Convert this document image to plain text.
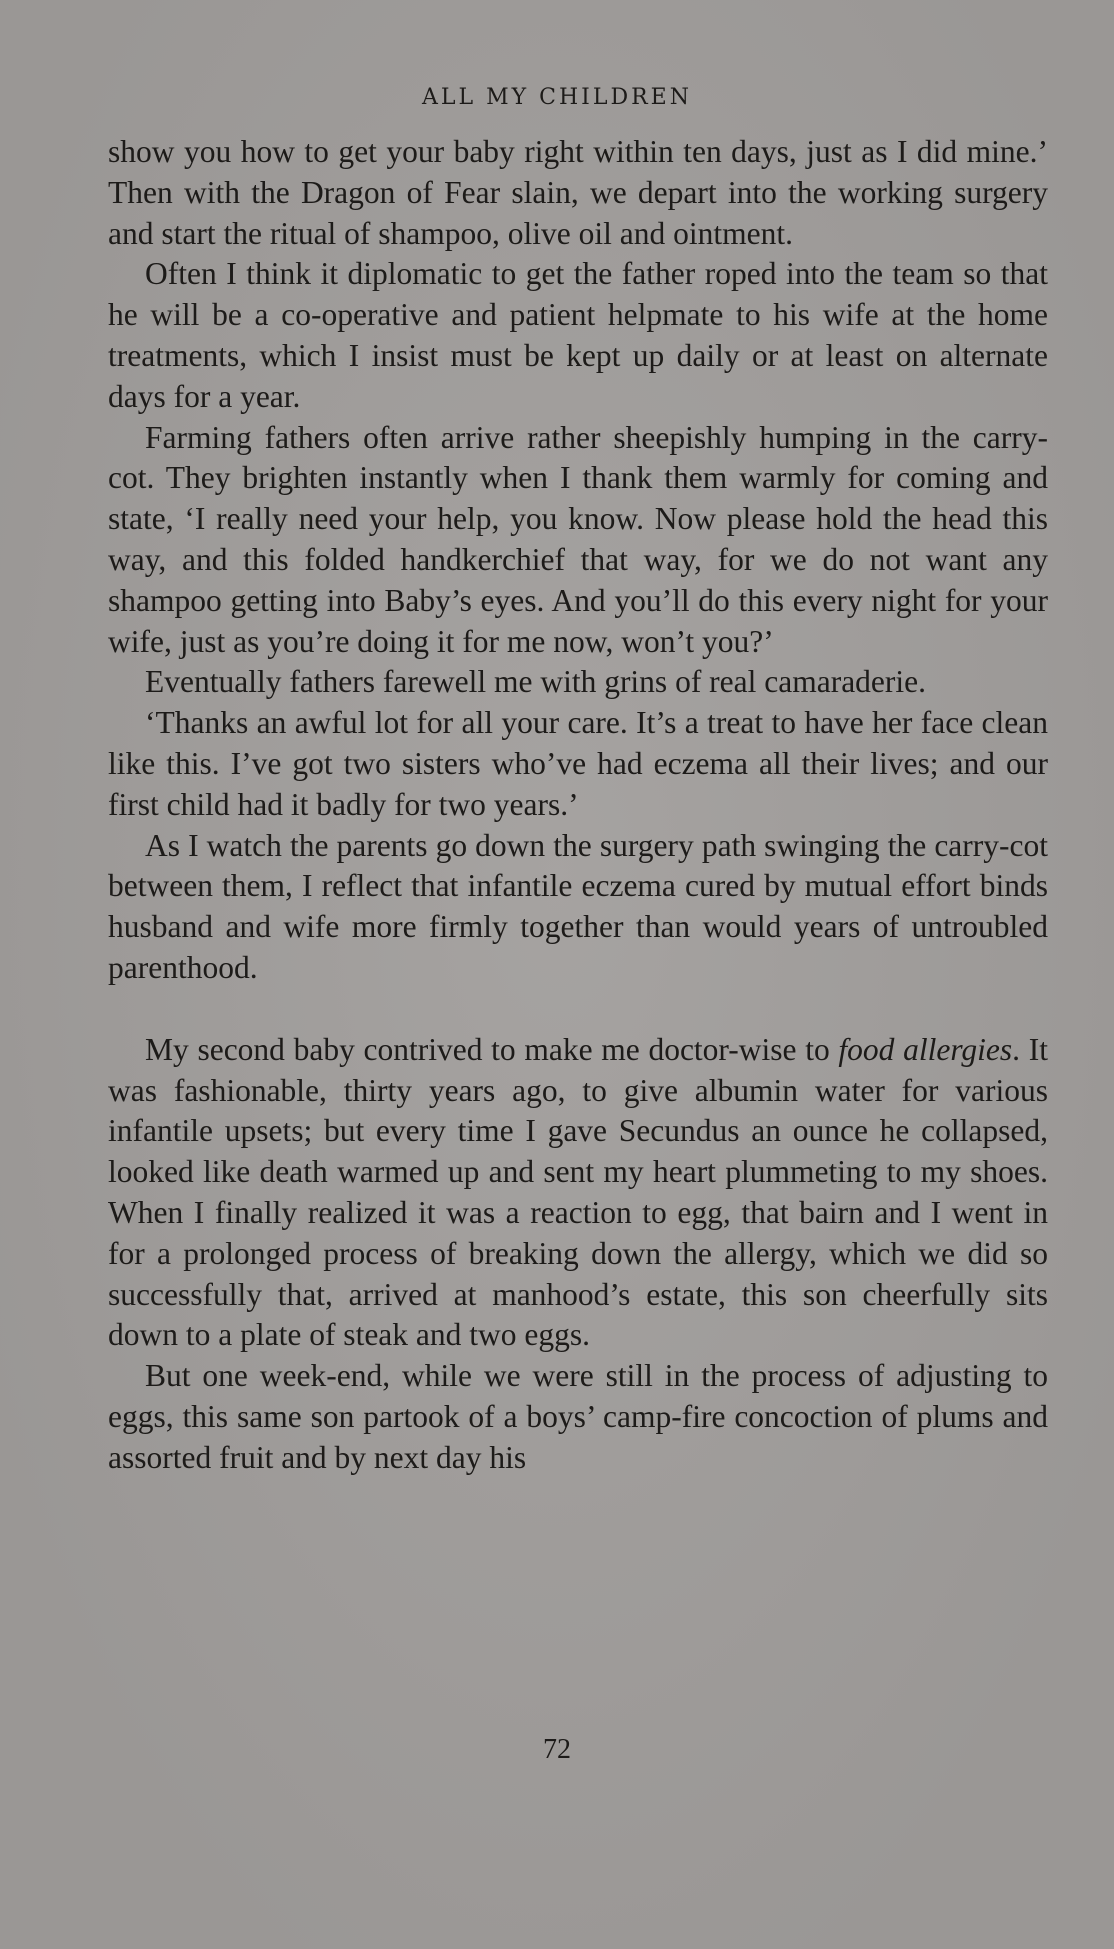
ALL MY CHILDREN

show you how to get your baby right within ten days, just as I did mine.’ Then with the Dragon of Fear slain, we depart into the working surgery and start the ritual of shampoo, olive oil and ointment.

Often I think it diplomatic to get the father roped into the team so that he will be a co-operative and patient helpmate to his wife at the home treatments, which I insist must be kept up daily or at least on alternate days for a year.

Farming fathers often arrive rather sheepishly humping in the carry-cot. They brighten instantly when I thank them warmly for coming and state, ‘I really need your help, you know. Now please hold the head this way, and this folded handkerchief that way, for we do not want any shampoo getting into Baby’s eyes. And you’ll do this every night for your wife, just as you’re doing it for me now, won’t you?’

Eventually fathers farewell me with grins of real camaraderie.

‘Thanks an awful lot for all your care. It’s a treat to have her face clean like this. I’ve got two sisters who’ve had eczema all their lives; and our first child had it badly for two years.’

As I watch the parents go down the surgery path swinging the carry-cot between them, I reflect that infantile eczema cured by mutual effort binds husband and wife more firmly together than would years of untroubled parenthood.

My second baby contrived to make me doctor-wise to food allergies. It was fashionable, thirty years ago, to give albumin water for various infantile upsets; but every time I gave Secundus an ounce he collapsed, looked like death warmed up and sent my heart plummeting to my shoes. When I finally realized it was a reaction to egg, that bairn and I went in for a prolonged process of breaking down the allergy, which we did so successfully that, arrived at manhood’s estate, this son cheerfully sits down to a plate of steak and two eggs.

But one week-end, while we were still in the process of adjusting to eggs, this same son partook of a boys’ camp-fire concoction of plums and assorted fruit and by next day his

72
